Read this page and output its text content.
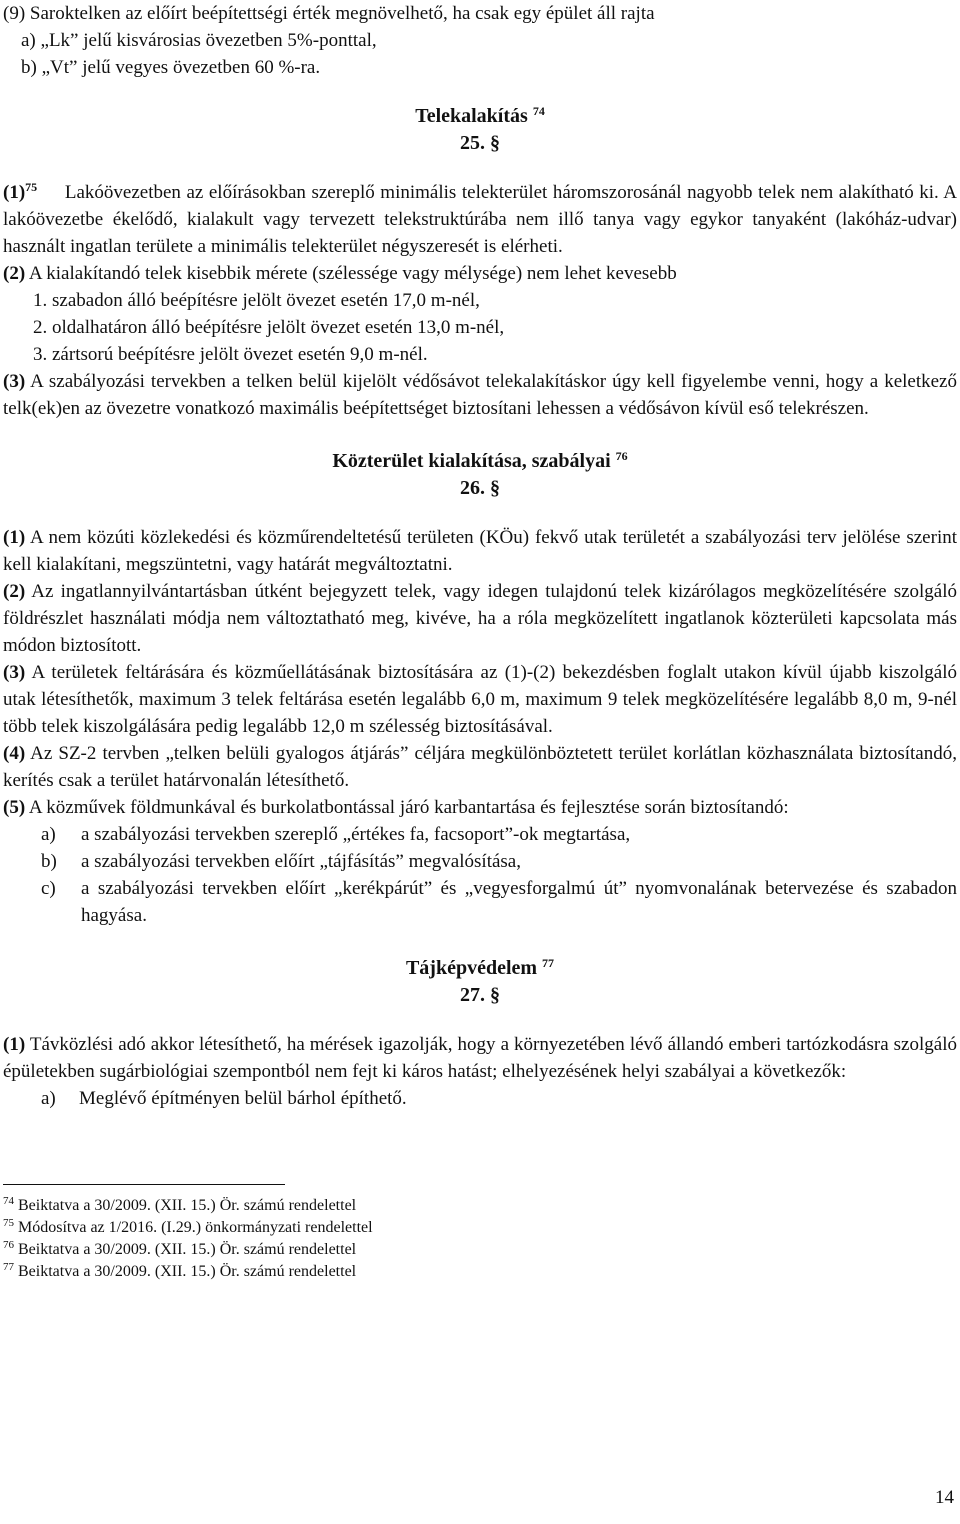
(9) Saroktelken az előírt beépítettségi érték megnövelhető, ha csak egy épület áll rajta

a) „Lk” jelű kisvárosias övezetben 5%-ponttal,

b) „Vt” jelű vegyes övezetben 60 %-ra.

Telekalakítás $^{74}$

25. §

$(1)^{75}$ Lakóövezetben az előírásokban szereplő minimális telekterület háromszorosánál nagyobb telek nem alakítható ki. A lakóövezetbe ékelődő, kialakult vagy tervezett telekstruktúrába nem illő tanya vagy egykor tanyaként (lakóház-udvar) használt ingatlan területe a minimális telekterület négyszeresét is elérheti.

(2) A kialakítandó telek kisebbik mérete (szélessége vagy mélysége) nem lehet kevesebb

1. szabadon álló beépítésre jelölt övezet esetén 17,0 m-nél,

2. oldalhatáron álló beépítésre jelölt övezet esetén 13,0 m-nél,

3. zártsorú beépítésre jelölt övezet esetén 9,0 m-nél.

(3) A szabályozási tervekben a telken belül kijelölt védősávot telekalakításkor úgy kell figyelembe venni, hogy a keletkező telk(ek)en az övezetre vonatkozó maximális beépítettséget biztosítani lehessen a védősávon kívül eső telekrészen.

Közterület kialakítása, szabályai $^{76}$

26. §

(1) A nem közúti közlekedési és közműrendeltetésű területen (KÖu) fekvő utak területét a szabályozási terv jelölése szerint kell kialakítani, megszüntetni, vagy határát megváltoztatni.

(2) Az ingatlannyilvántartásban útként bejegyzett telek, vagy idegen tulajdonú telek kizárólagos megközelítésére szolgáló földrészlet használati módja nem változtatható meg, kivéve, ha a róla megközelített ingatlanok közterületi kapcsolata más módon biztosított.

(3) A területek feltárására és közműellátásának biztosítására az (1)-(2) bekezdésben foglalt utakon kívül újabb kiszolgáló utak létesíthetők, maximum 3 telek feltárása esetén legalább 6,0 m, maximum 9 telek megközelítésére legalább 8,0 m, 9-nél több telek kiszolgálására pedig legalább 12,0 m szélesség biztosításával.

(4) Az SZ-2 tervben „telken belüli gyalogos átjárás” céljára megkülönböztetett terület korlátlan közhasználata biztosítandó, kerítés csak a terület határvonalán létesíthető.

(5) A közművek földmunkával és burkolatbontással járó karbantartása és fejlesztése során biztosítandó:

a) a szabályozási tervekben szereplő „értékes fa, facsoport”-ok megtartása,

b) a szabályozási tervekben előírt „tájfásítás” megvalósítása,

c) a szabályozási tervekben előírt „kerékpárút” és „vegyesforgalmú út” nyomvonalának betervezése és szabadon hagyása.

Tájképvédelem $^{77}$

27. §

(1) Távközlési adó akkor létesíthető, ha mérések igazolják, hogy a környezetében lévő állandó emberi tartózkodásra szolgáló épületekben sugárbiológiai szempontból nem fejt ki káros hatást; elhelyezésének helyi szabályai a következők:

a) Meglévő építményen belül bárhol építhető.

$^{74}$ Beiktatva a 30/2009. (XII. 15.) Ör. számú rendelettel

$^{75}$ Módosítva az 1/2016. (I.29.) önkormányzati rendelettel

$^{76}$ Beiktatva a 30/2009. (XII. 15.) Ör. számú rendelettel

$^{77}$ Beiktatva a 30/2009. (XII. 15.) Ör. számú rendelettel

14
